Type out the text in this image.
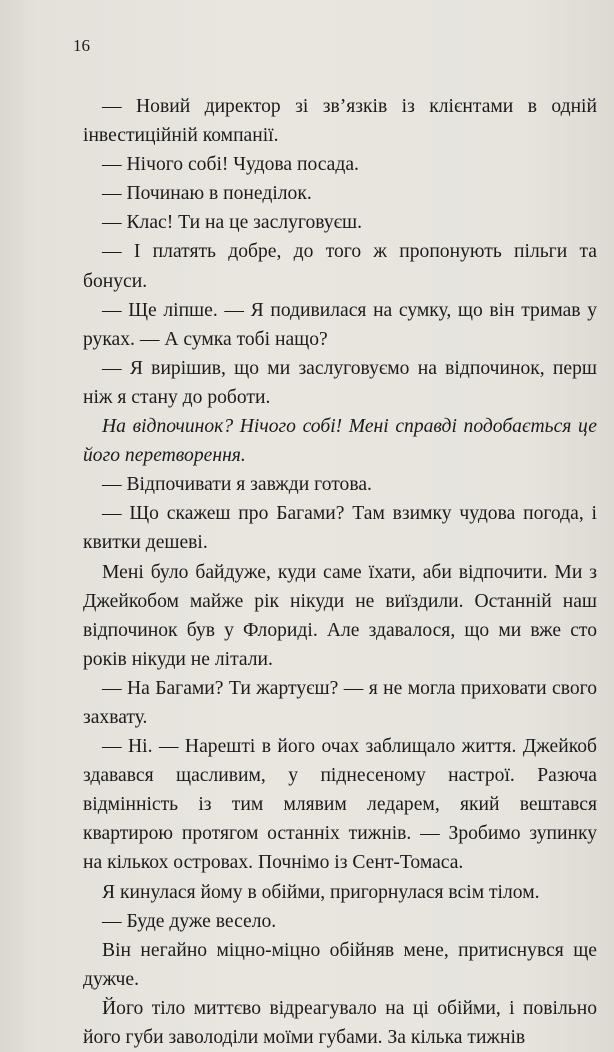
16

— Новий директор зі зв’язків із клієнтами в одній інвестиційній компанії.

— Нічого собі! Чудова посада.

— Починаю в понеділок.

— Клас! Ти на це заслуговуєш.

— І платять добре, до того ж пропонують пільги та бонуси.

— Ще ліпше. — Я подивилася на сумку, що він тримав у руках. — А сумка тобі нащо?

— Я вирішив, що ми заслуговуємо на відпочинок, перш ніж я стану до роботи.

На відпочинок? Нічого собі! Мені справді подобається це його перетворення.

— Відпочивати я завжди готова.

— Що скажеш про Багами? Там взимку чудова погода, і квитки дешеві.

Мені було байдуже, куди саме їхати, аби відпочити. Ми з Джейкобом майже рік нікуди не виїздили. Останній наш відпочинок був у Флориді. Але здавалося, що ми вже сто років нікуди не літали.

— На Багами? Ти жартуєш? — я не могла приховати свого захвату.

— Ні. — Нарешті в його очах заблищало життя. Джейкоб здавався щасливим, у піднесеному настрої. Разюча відмінність із тим млявим ледарем, який вештався квартирою протягом останніх тижнів. — Зробимо зупинку на кількох островах. Почнімо із Сент-Томаса.

Я кинулася йому в обійми, пригорнулася всім тілом.

— Буде дуже весело.

Він негайно міцно-міцно обійняв мене, притиснувся ще дужче.

Його тіло миттєво відреагувало на ці обійми, і повільно його губи заволоділи моїми губами. За кілька тижнів
